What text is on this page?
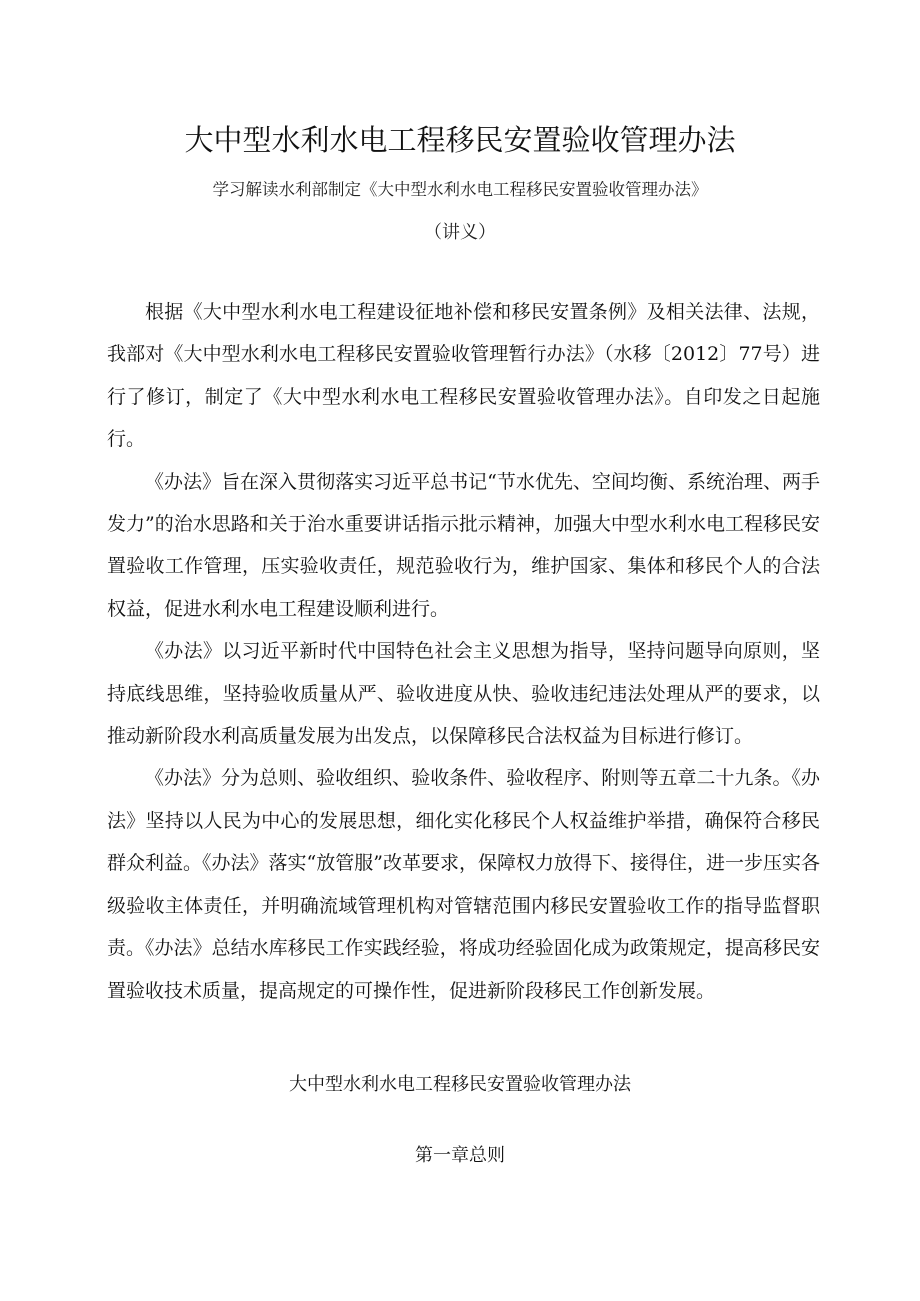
大中型水利水电工程移民安置验收管理办法
学习解读水利部制定《大中型水利水电工程移民安置验收管理办法》
（讲义）

根据《大中型水利水电工程建设征地补偿和移民安置条例》及相关法律、法规，我部对《大中型水利水电工程移民安置验收管理暂行办法》（水移〔2012〕77号）进行了修订，制定了《大中型水利水电工程移民安置验收管理办法》。自印发之日起施行。

《办法》旨在深入贯彻落实习近平总书记“节水优先、空间均衡、系统治理、两手发力”的治水思路和关于治水重要讲话指示批示精神，加强大中型水利水电工程移民安置验收工作管理，压实验收责任，规范验收行为，维护国家、集体和移民个人的合法权益，促进水利水电工程建设顺利进行。

《办法》以习近平新时代中国特色社会主义思想为指导，坚持问题导向原则，坚持底线思维，坚持验收质量从严、验收进度从快、验收违纪违法处理从严的要求，以推动新阶段水利高质量发展为出发点，以保障移民合法权益为目标进行修订。

《办法》分为总则、验收组织、验收条件、验收程序、附则等五章二十九条。《办法》坚持以人民为中心的发展思想，细化实化移民个人权益维护举措，确保符合移民群众利益。《办法》落实“放管服”改革要求，保障权力放得下、接得住，进一步压实各级验收主体责任，并明确流域管理机构对管辖范围内移民安置验收工作的指导监督职责。《办法》总结水库移民工作实践经验，将成功经验固化成为政策规定，提高移民安置验收技术质量，提高规定的可操作性，促进新阶段移民工作创新发展。

大中型水利水电工程移民安置验收管理办法
第一章总则
